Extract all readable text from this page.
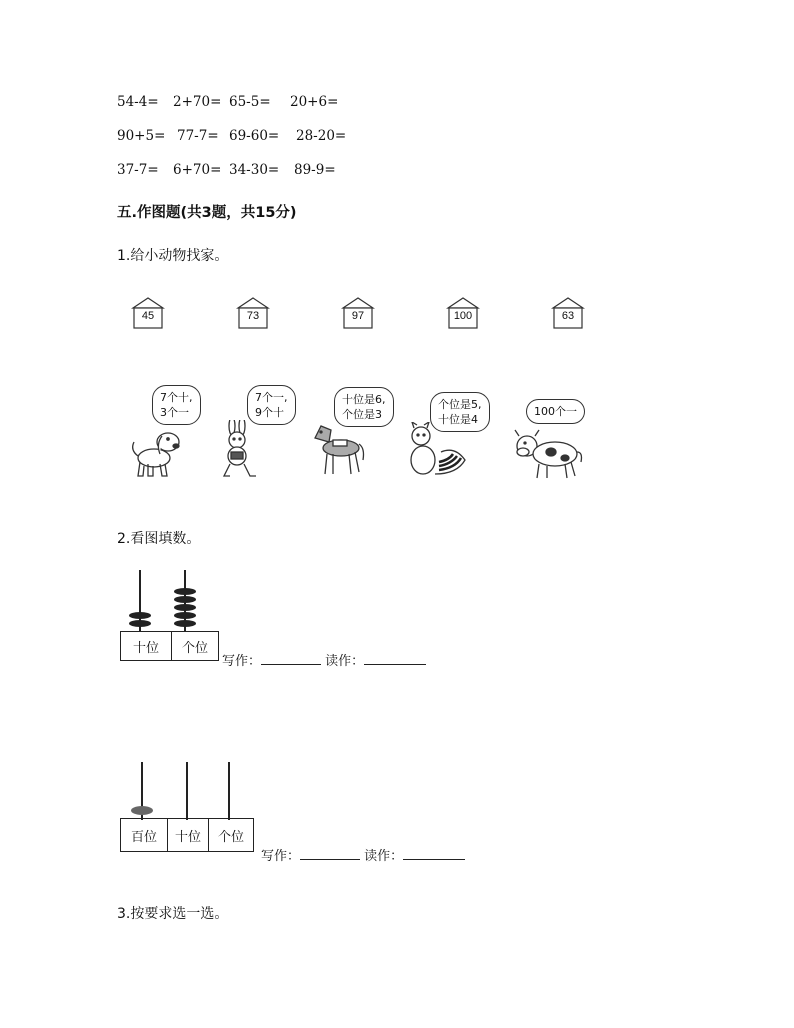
54-4= 2+70= 65-5= 20+6=
90+5= 77-7= 69-60= 28-20=
37-7= 6+70= 34-30= 89-9=
五.作图题(共3题，共15分)
1.给小动物找家。
45	73	97	100	63
7个十,
3个一
7个一,
9个十
十位是6,
个位是3
个位是5,
十位是4
100个一
2.看图填数。
十位	个位
写作：	读作：
百位	十位	个位
写作：	读作：
3.按要求选一选。
